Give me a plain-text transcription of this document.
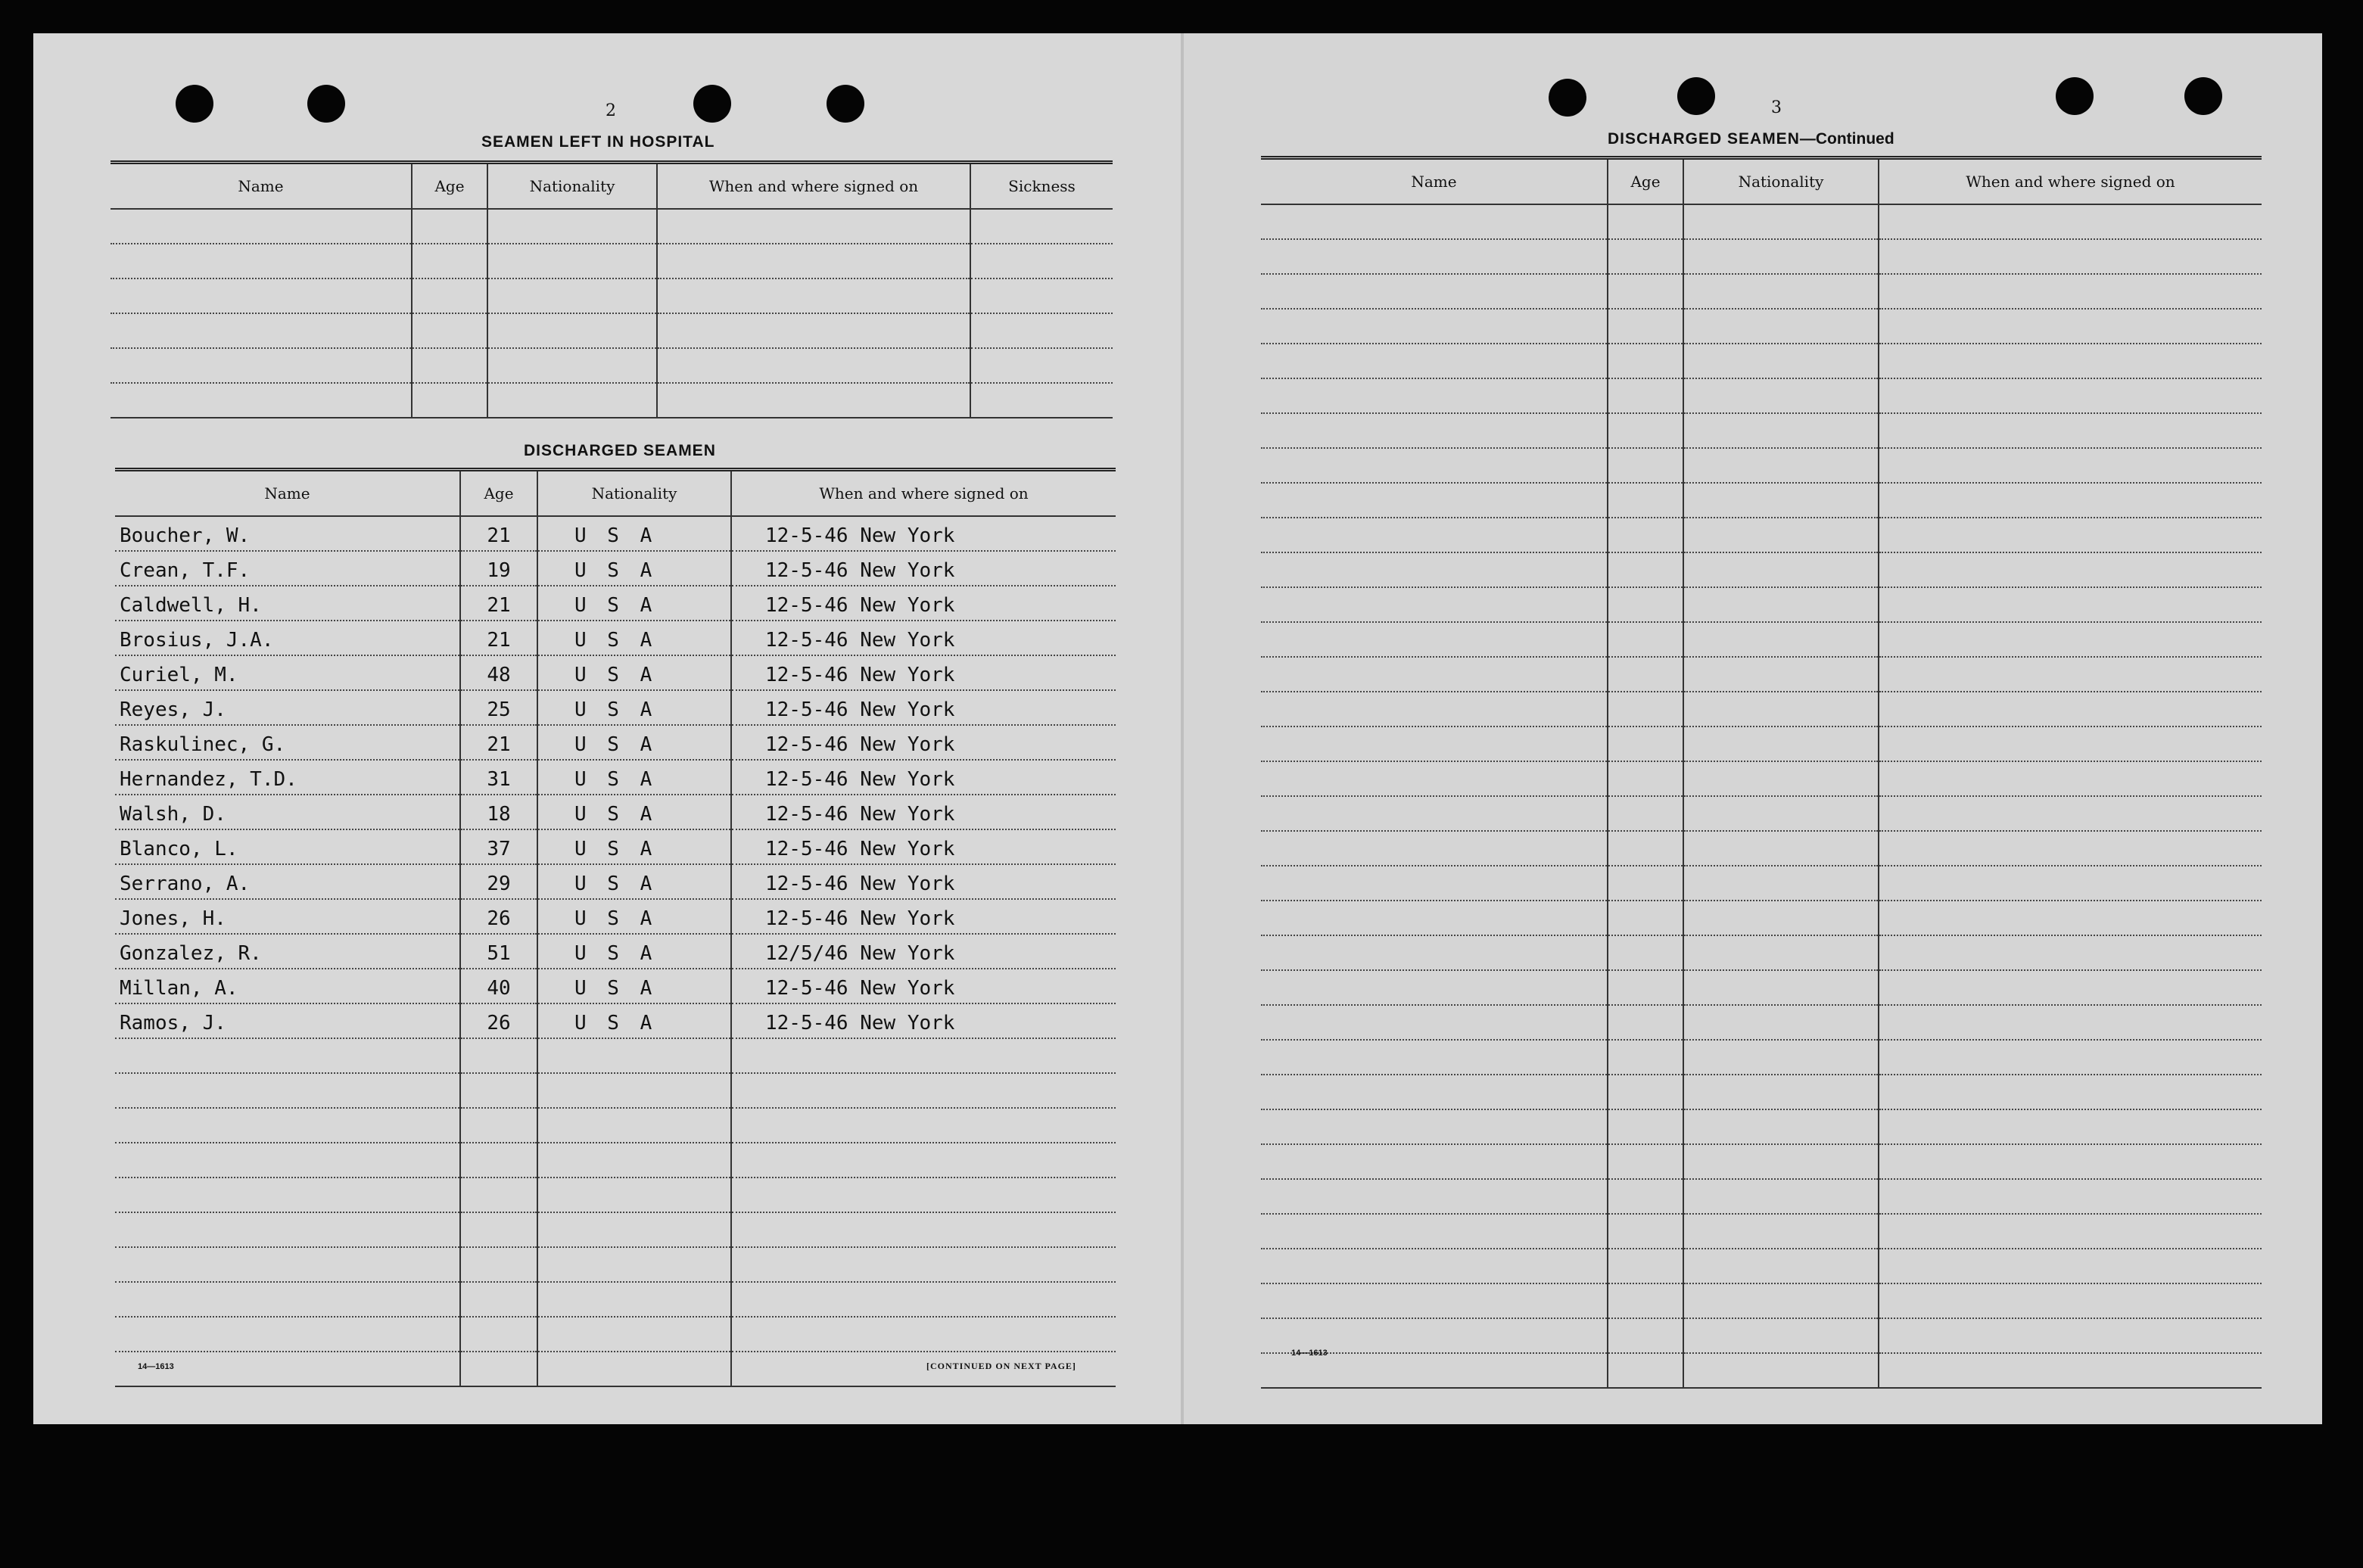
2
SEAMEN LEFT IN HOSPITAL
Name	Age	Nationality	When and where signed on	Sickness

DISCHARGED SEAMEN
Name	Age	Nationality	When and where signed on
Boucher, W.	21	U S A	12-5-46 New York
Crean, T.F.	19	U S A	12-5-46 New York
Caldwell, H.	21	U S A	12-5-46 New York
Brosius, J.A.	21	U S A	12-5-46 New York
Curiel, M.	48	U S A	12-5-46 New York
Reyes, J.	25	U S A	12-5-46 New York
Raskulinec, G.	21	U S A	12-5-46 New York
Hernandez, T.D.	31	U S A	12-5-46 New York
Walsh, D.	18	U S A	12-5-46 New York
Blanco, L.	37	U S A	12-5-46 New York
Serrano, A.	29	U S A	12-5-46 New York
Jones, H.	26	U S A	12-5-46 New York
Gonzalez, R.	51	U S A	12/5/46 New York
Millan, A.	40	U S A	12-5-46 New York
Ramos, J.	26	U S A	12-5-46 New York

14—1613	[CONTINUED ON NEXT PAGE]
3
DISCHARGED SEAMEN—Continued
Name	Age	Nationality	When and where signed on

14—1613
